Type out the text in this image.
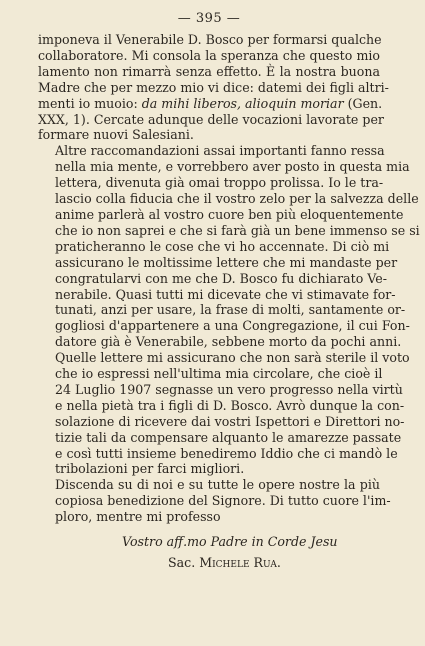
— 395 —
imponeva il Venerabile D. Bosco per formarsi qualche
collaboratore. Mi consola la speranza che questo mio
lamento non rimarrà senza effetto. È la nostra buona
Madre che per mezzo mio vi dice: datemi dei figli altri-
menti io muoio: da mihi liberos, alioquin moriar (Gen.
XXX, 1). Cercate adunque delle vocazioni lavorate per
formare nuovi Salesiani.
Altre raccomandazioni assai importanti fanno ressa
nella mia mente, e vorrebbero aver posto in questa mia
lettera, divenuta già omai troppo prolissa. Io le tra-
lascio colla fiducia che il vostro zelo per la salvezza delle
anime parlerà al vostro cuore ben più eloquentemente
che io non saprei e che si farà già un bene immenso se si
praticheranno le cose che vi ho accennate. Di ciò mi
assicurano le moltissime lettere che mi mandaste per
congratularvi con me che D. Bosco fu dichiarato Ve-
nerabile. Quasi tutti mi dicevate che vi stimavate for-
tunati, anzi per usare, la frase di molti, santamente or-
gogliosi d'appartenere a una Congregazione, il cui Fon-
datore già è Venerabile, sebbene morto da pochi anni.
Quelle lettere mi assicurano che non sarà sterile il voto
che io espressi nell'ultima mia circolare, che cioè il
24 Luglio 1907 segnasse un vero progresso nella virtù
e nella pietà tra i figli di D. Bosco. Avrò dunque la con-
solazione di ricevere dai vostri Ispettori e Direttori no-
tizie tali da compensare alquanto le amarezze passate
e così tutti insieme benediremo Iddio che ci mandò le
tribolazioni per farci migliori.
Discenda su di noi e su tutte le opere nostre la più
copiosa benedizione del Signore. Di tutto cuore l'im-
ploro, mentre mi professo
Vostro aff.mo Padre in Corde Jesu
Sac. Michele Rua.
